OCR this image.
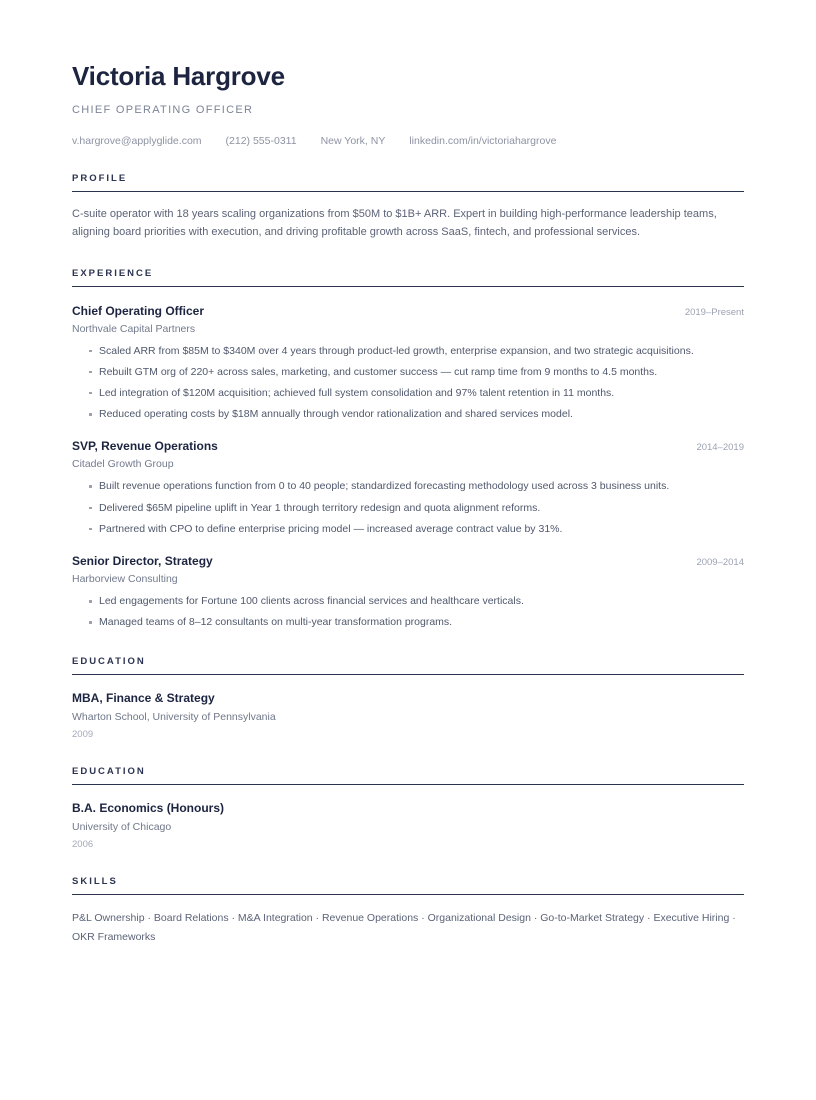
Victoria Hargrove
CHIEF OPERATING OFFICER
v.hargrove@applyglide.com (212) 555-0311 New York, NY linkedin.com/in/victoriahargrove
PROFILE
C-suite operator with 18 years scaling organizations from $50M to $1B+ ARR. Expert in building high-performance leadership teams, aligning board priorities with execution, and driving profitable growth across SaaS, fintech, and professional services.
EXPERIENCE
Chief Operating Officer	2019–Present
Northvale Capital Partners
Scaled ARR from $85M to $340M over 4 years through product-led growth, enterprise expansion, and two strategic acquisitions.
Rebuilt GTM org of 220+ across sales, marketing, and customer success — cut ramp time from 9 months to 4.5 months.
Led integration of $120M acquisition; achieved full system consolidation and 97% talent retention in 11 months.
Reduced operating costs by $18M annually through vendor rationalization and shared services model.
SVP, Revenue Operations	2014–2019
Citadel Growth Group
Built revenue operations function from 0 to 40 people; standardized forecasting methodology used across 3 business units.
Delivered $65M pipeline uplift in Year 1 through territory redesign and quota alignment reforms.
Partnered with CPO to define enterprise pricing model — increased average contract value by 31%.
Senior Director, Strategy	2009–2014
Harborview Consulting
Led engagements for Fortune 100 clients across financial services and healthcare verticals.
Managed teams of 8–12 consultants on multi-year transformation programs.
EDUCATION
MBA, Finance & Strategy
Wharton School, University of Pennsylvania
2009
EDUCATION
B.A. Economics (Honours)
University of Chicago
2006
SKILLS
P&L Ownership · Board Relations · M&A Integration · Revenue Operations · Organizational Design · Go-to-Market Strategy · Executive Hiring · OKR Frameworks
